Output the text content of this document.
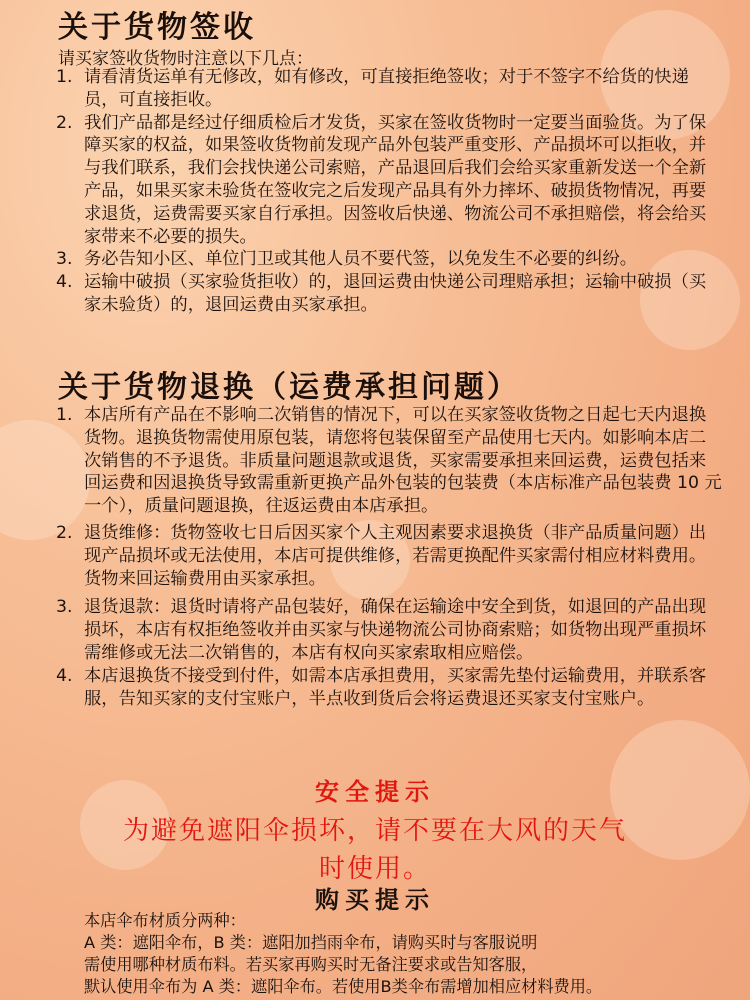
关于货物签收
请买家签收货物时注意以下几点：
1. 请看清货运单有无修改，如有修改，可直接拒绝签收；对于不签字不给货的快递员，可直接拒收。
2. 我们产品都是经过仔细质检后才发货，买家在签收货物时一定要当面验货。为了保障买家的权益，如果签收货物前发现产品外包装严重变形、产品损坏可以拒收，并与我们联系，我们会找快递公司索赔，产品退回后我们会给买家重新发送一个全新产品，如果买家未验货在签收完之后发现产品具有外力摔坏、破损货物情况，再要求退货，运费需要买家自行承担。因签收后快递、物流公司不承担赔偿，将会给买家带来不必要的损失。
3. 务必告知小区、单位门卫或其他人员不要代签，以免发生不必要的纠纷。
4. 运输中破损（买家验货拒收）的，退回运费由快递公司理赔承担；运输中破损（买家未验货）的，退回运费由买家承担。
关于货物退换（运费承担问题）
1. 本店所有产品在不影响二次销售的情况下，可以在买家签收货物之日起七天内退换货物。退换货物需使用原包装，请您将包装保留至产品使用七天内。如影响本店二次销售的不予退货。非质量问题退款或退货，买家需要承担来回运费，运费包括来回运费和因退换货导致需重新更换产品外包装的包装费（本店标准产品包装费 10 元一个），质量问题退换，往返运费由本店承担。
2. 退货维修：货物签收七日后因买家个人主观因素要求退换货（非产品质量问题）出现产品损坏或无法使用，本店可提供维修，若需更换配件买家需付相应材料费用。货物来回运输费用由买家承担。
3. 退货退款：退货时请将产品包装好，确保在运输途中安全到货，如退回的产品出现损坏，本店有权拒绝签收并由买家与快递物流公司协商索赔；如货物出现严重损坏需维修或无法二次销售的，本店有权向买家索取相应赔偿。
4. 本店退换货不接受到付件，如需本店承担费用，买家需先垫付运输费用，并联系客服，告知买家的支付宝账户，半点收到货后会将运费退还买家支付宝账户。
安全提示
为避免遮阳伞损坏，请不要在大风的天气
时使用。
购买提示
本店伞布材质分两种：
A 类：遮阳伞布，B 类：遮阳加挡雨伞布，请购买时与客服说明
需使用哪种材质布料。若买家再购买时无备注要求或告知客服，
默认使用伞布为 A 类：遮阳伞布。若使用B类伞布需增加相应材料费用。
